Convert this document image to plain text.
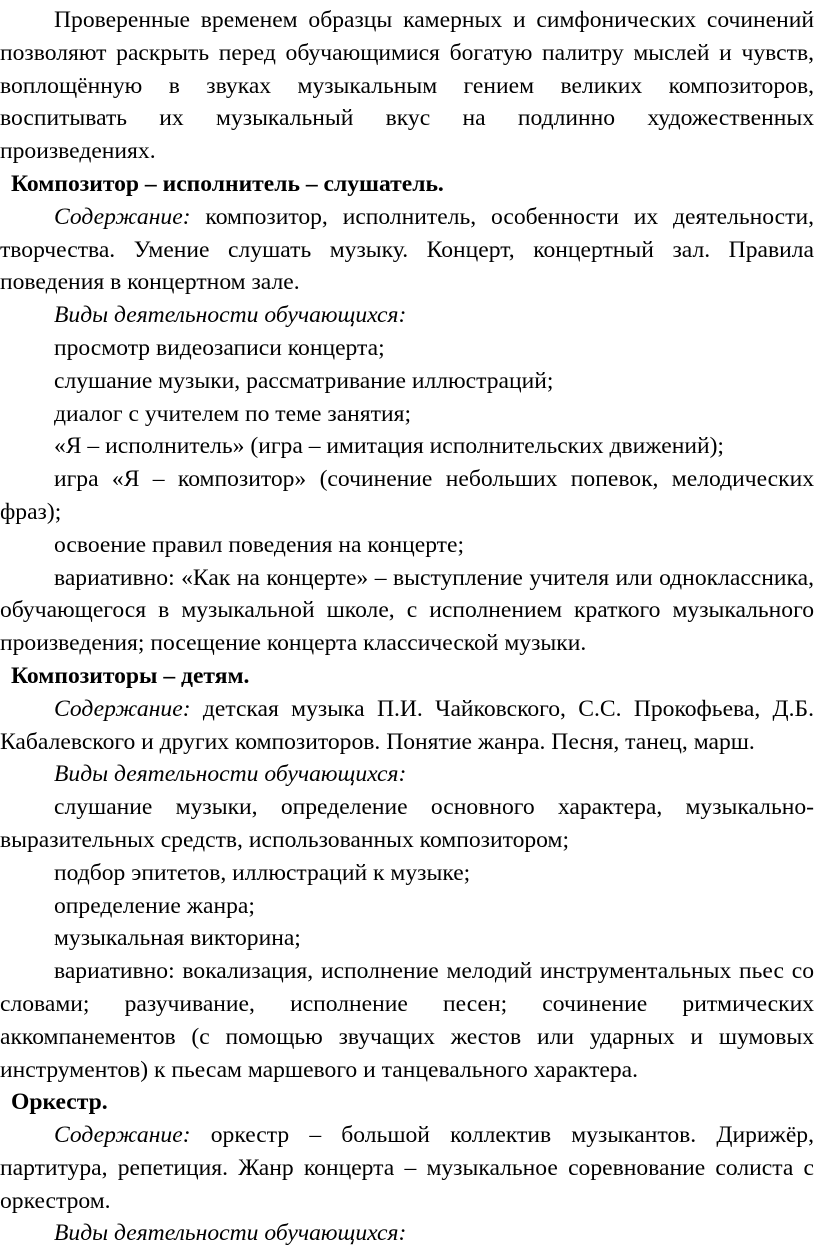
Проверенные временем образцы камерных и симфонических сочинений позволяют раскрыть перед обучающимися богатую палитру мыслей и чувств, воплощённую в звуках музыкальным гением великих композиторов, воспитывать их музыкальный вкус на подлинно художественных произведениях.

Композитор – исполнитель – слушатель.

Содержание: композитор, исполнитель, особенности их деятельности, творчества. Умение слушать музыку. Концерт, концертный зал. Правила поведения в концертном зале.

Виды деятельности обучающихся:

просмотр видеозаписи концерта;

слушание музыки, рассматривание иллюстраций;

диалог с учителем по теме занятия;

«Я – исполнитель» (игра – имитация исполнительских движений);

игра «Я – композитор» (сочинение небольших попевок, мелодических фраз);

освоение правил поведения на концерте;

вариативно: «Как на концерте» – выступление учителя или одноклассника, обучающегося в музыкальной школе, с исполнением краткого музыкального произведения; посещение концерта классической музыки.

Композиторы – детям.

Содержание: детская музыка П.И. Чайковского, С.С. Прокофьева, Д.Б. Кабалевского и других композиторов. Понятие жанра. Песня, танец, марш.

Виды деятельности обучающихся:

слушание музыки, определение основного характера, музыкально-выразительных средств, использованных композитором;

подбор эпитетов, иллюстраций к музыке;

определение жанра;

музыкальная викторина;

вариативно: вокализация, исполнение мелодий инструментальных пьес со словами; разучивание, исполнение песен; сочинение ритмических аккомпанементов (с помощью звучащих жестов или ударных и шумовых инструментов) к пьесам маршевого и танцевального характера.

Оркестр.

Содержание: оркестр – большой коллектив музыкантов. Дирижёр, партитура, репетиция. Жанр концерта – музыкальное соревнование солиста с оркестром.

Виды деятельности обучающихся:
